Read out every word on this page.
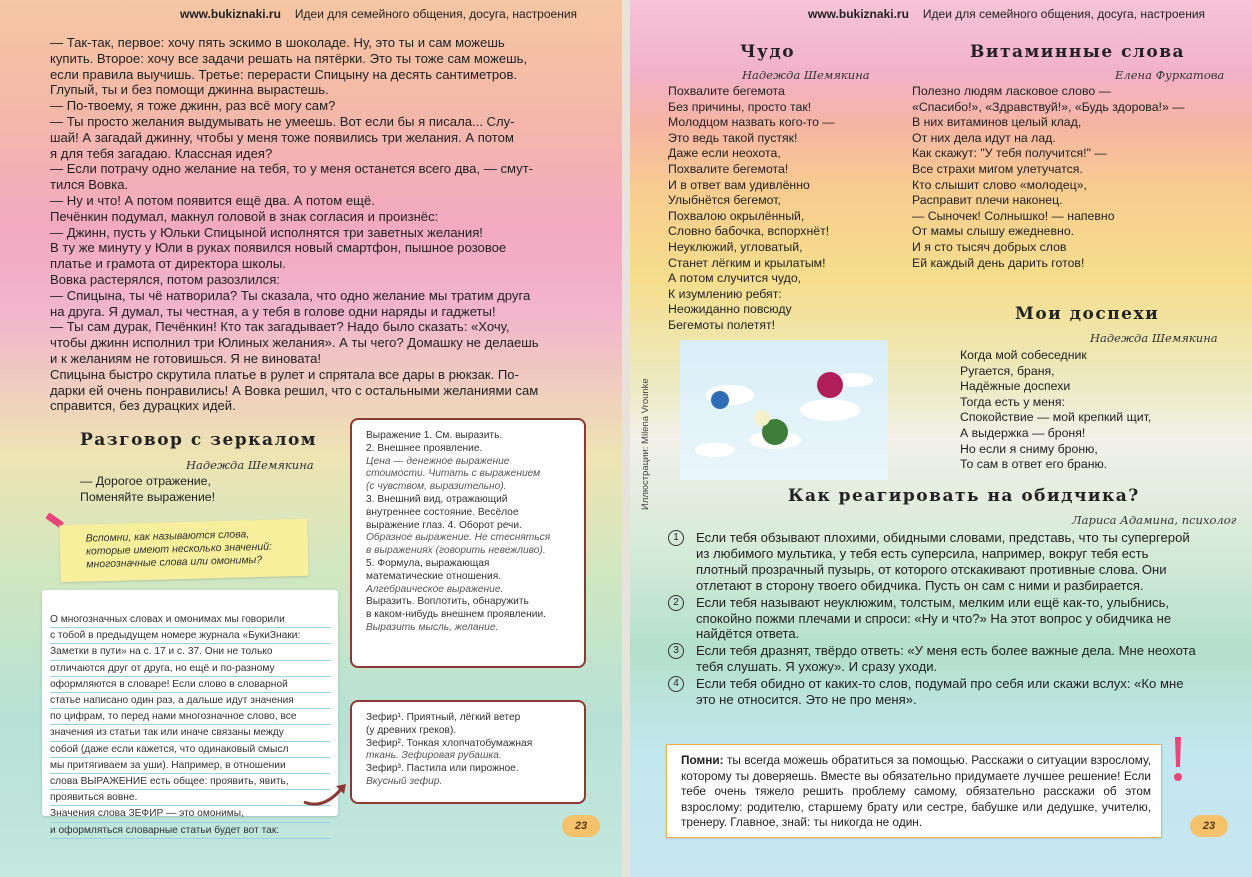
www.bukiznaki.ru Идеи для семейного общения, досуга, настроения

— Так-так, первое: хочу пять эскимо в шоколаде. Ну, это ты и сам можешь

купить. Второе: хочу все задачи решать на пятёрки. Это ты тоже сам можешь,

если правила выучишь. Третье: перерасти Спицыну на десять сантиметров.

Глупый, ты и без помощи джинна вырастешь.

— По-твоему, я тоже джинн, раз всё могу сам?

— Ты просто желания выдумывать не умеешь. Вот если бы я писала... Слу-

шай! А загадай джинну, чтобы у меня тоже появились три желания. А потом

я для тебя загадаю. Классная идея?

— Если потрачу одно желание на тебя, то у меня останется всего два, — смут-

тился Вовка.

— Ну и что! А потом появится ещё два. А потом ещё.

Печёнкин подумал, макнул головой в знак согласия и произнёс:

— Джинн, пусть у Юльки Спицыной исполнятся три заветных желания!

В ту же минуту у Юли в руках появился новый смартфон, пышное розовое

платье и грамота от директора школы.

Вовка растерялся, потом разозлился:

— Спицына, ты чё натворила? Ты сказала, что одно желание мы тратим друга

на друга. Я думал, ты честная, а у тебя в голове одни наряды и гаджеты!

— Ты сам дурак, Печёнкин! Кто так загадывает? Надо было сказать: «Хочу,

чтобы джинн исполнил три Юлиных желания». А ты чего? Домашку не делаешь

и к желаниям не готовишься. Я не виновата!

Спицына быстро скрутила платье в рулет и спрятала все дары в рюкзак. По-

дарки ей очень понравились! А Вовка решил, что с остальными желаниями сам

справится, без дурацких идей.

Разговор с зеркалом
Надежда Шемякина
— Дорогое отражение,
Поменяйте выражение!
Вспомни, как называются слова, которые имеют несколько значений: многозначные слова или омонимы?
О многозначных словах и омонимах мы говорили
с тобой в предыдущем номере журнала «БукиЗнаки:
Заметки в пути» на с. 17 и с. 37. Они не только
отличаются друг от друга, но ещё и по-разному
оформляются в словаре! Если слово в словарной
статье написано один раз, а дальше идут значения
по цифрам, то перед нами многозначное слово, все
значения из статьи так или иначе связаны между
собой (даже если кажется, что одинаковый смысл
мы притягиваем за уши). Например, в отношении
слова ВЫРАЖЕНИЕ есть общее: проявить, явить,
проявиться вовне.
Значения слова ЗЕФИР — это омонимы,
и оформляться словарные статьи будет вот так:
Выражение 1. См. выразить.
2. Внешнее проявление.
Цена — денежное выражение
стоимости. Читать с выражением
(с чувством, выразительно).
3. Внешний вид, отражающий
внутреннее состояние. Весёлое
выражение глаз. 4. Оборот речи.
Образное выражение. Не стесняться
в выражениях (говорить невежливо).
5. Формула, выражающая
математические отношения.
Алгебраическое выражение.
Выразить. Воплотить, обнаружить
в каком-нибудь внешнем проявлении.
Выразить мысль, желание.
Зефир¹. Приятный, лёгкий ветер
(у древних греков).
Зефир². Тонкая хлопчатобумажная
ткань. Зефировая рубашка.
Зефир³. Пастила или пирожное.
Вкусный зефир.
23
www.bukiznaki.ru Идеи для семейного общения, досуга, настроения
Чудо
Надежда Шемякина
Похвалите бегемота
Без причины, просто так!
Молодцом назвать кого-то —
Это ведь такой пустяк!
Даже если неохота,
Похвалите бегемота!
И в ответ вам удивлённо
Улыбнётся бегемот,
Похвалою окрылённый,
Словно бабочка, вспорхнёт!
Неуклюжий, угловатый,
Станет лёгким и крылатым!
А потом случится чудо,
К изумлению ребят:
Неожиданно повсюду
Бегемоты полетят!
Витаминные слова
Елена Фуркатова
Полезно людям ласковое слово —
«Спасибо!», «Здравствуй!», «Будь здорова!» —
В них витаминов целый клад,
От них дела идут на лад.
Как скажут: "У тебя получится!" —
Все страхи мигом улетучатся.
Кто слышит слово «молодец»,
Расправит плечи наконец.
— Сыночек! Солнышко! — напевно
От мамы слышу ежедневно.
И я сто тысяч добрых слов
Ей каждый день дарить готов!
Мои доспехи
Надежда Шемякина
Когда мой собеседник
Ругается, браня,
Надёжные доспехи
Тогда есть у меня:
Спокойствие — мой крепкий щит,
А выдержка — броня!
Но если я сниму броню,
То сам в ответ его браню.
Иллюстрации: Milena Vrounke	Как реагировать на обидчика?
Лариса Адамина, психолог
1	Если тебя обзывают плохими, обидными словами, представь, что ты супергерой из любимого мультика, у тебя есть суперсила, например, вокруг тебя есть плотный прозрачный пузырь, от которого отскакивают противные слова. Они отлетают в сторону твоего обидчика. Пусть он сам с ними и разбирается.
2	Если тебя называют неуклюжим, толстым, мелким или ещё как-то, улыбнись, спокойно пожми плечами и спроси: «Ну и что?» На этот вопрос у обидчика не найдётся ответа.
3	Если тебя дразнят, твёрдо ответь: «У меня есть более важные дела. Мне неохота тебя слушать. Я ухожу». И сразу уходи.
4	Если тебя обидно от каких-то слов, подумай про себя или скажи вслух: «Ко мне это не относится. Это не про меня».
Помни: ты всегда можешь обратиться за помощью. Расскажи о ситуации взрослому, которому ты доверяешь. Вместе вы обязательно придумаете лучшее решение! Если тебе очень тяжело решить проблему самому, обязательно расскажи об этом взрослому: родителю, старшему брату или сестре, бабушке или дедушке, учителю, тренеру. Главное, знай: ты никогда не один.	23
